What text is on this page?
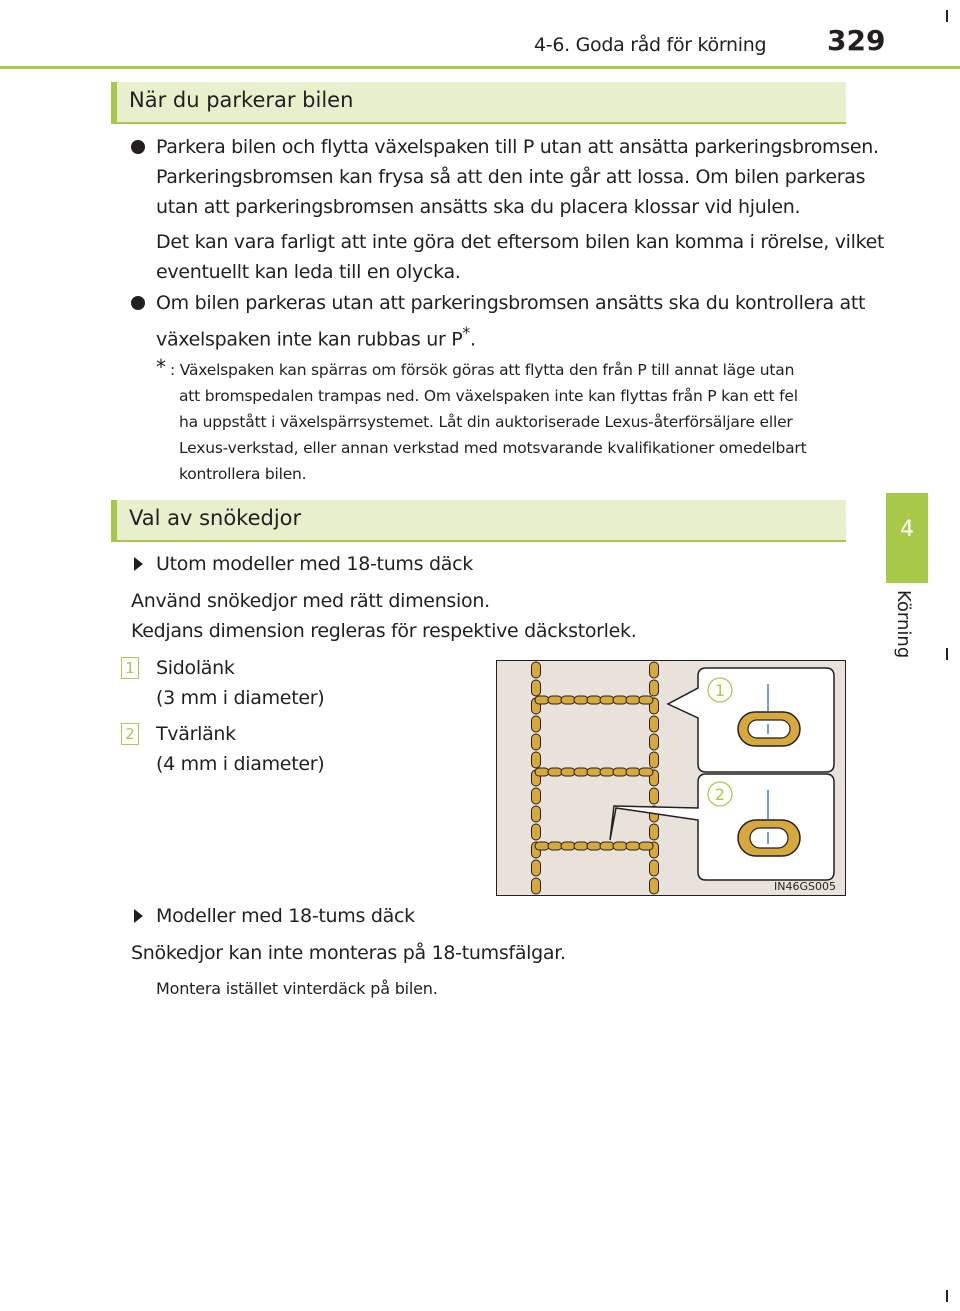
4-6. Goda råd för körning 329
4
Körning
När du parkerar bilen
Parkera bilen och flytta växelspaken till P utan att ansätta parkeringsbromsen.
Parkeringsbromsen kan frysa så att den inte går att lossa. Om bilen parkeras
utan att parkeringsbromsen ansätts ska du placera klossar vid hjulen.
Det kan vara farligt att inte göra det eftersom bilen kan komma i rörelse, vilket
eventuellt kan leda till en olycka.
Om bilen parkeras utan att parkeringsbromsen ansätts ska du kontrollera att
växelspaken inte kan rubbas ur P*.
* : Växelspaken kan spärras om försök göras att flytta den från P till annat läge utan
att bromspedalen trampas ned. Om växelspaken inte kan flyttas från P kan ett fel
ha uppstått i växelspärrsystemet. Låt din auktoriserade Lexus-återförsäljare eller
Lexus-verkstad, eller annan verkstad med motsvarande kvalifikationer omedelbart
kontrollera bilen.
Val av snökedjor
Utom modeller med 18-tums däck
Använd snökedjor med rätt dimension.
Kedjans dimension regleras för respektive däckstorlek.
1 Sidolänk
(3 mm i diameter)
2 Tvärlänk
(4 mm i diameter)
1
2
IN46GS005
Modeller med 18-tums däck
Snökedjor kan inte monteras på 18-tumsfälgar.
Montera istället vinterdäck på bilen.
